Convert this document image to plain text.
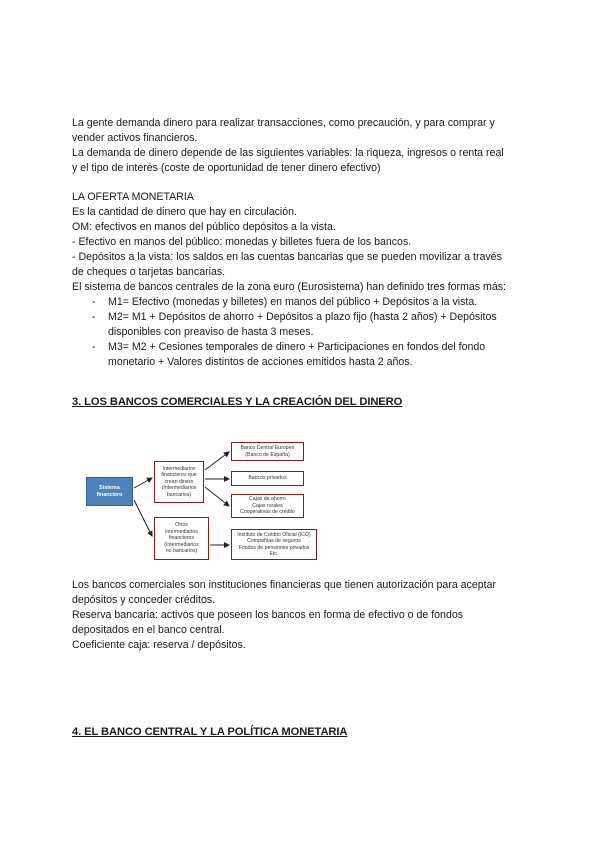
La gente demanda dinero para realizar transacciones, como precaución, y para comprar y
vender activos financieros.
La demanda de dinero depende de las siguientes variables: la riqueza, ingresos o renta real
y el tipo de interés (coste de oportunidad de tener dinero efectivo)
LA OFERTA MONETARIA
Es la cantidad de dinero que hay en circulación.
OM: efectivos en manos del público depósitos a la vista.
- Efectivo en manos del público: monedas y billetes fuera de los bancos.
- Depósitos a la vista: los saldos en las cuentas bancarias que se pueden movilizar a través
de cheques o tarjetas bancarias.
El sistema de bancos centrales de la zona euro (Eurosistema) han definido tres formas más:
- M1= Efectivo (monedas y billetes) en manos del público + Depósitos a la vista.
- M2= M1 + Depósitos de ahorro + Depósitos a plazo fijo (hasta 2 años) + Depósitos
disponibles con preaviso de hasta 3 meses.
- M3= M2 + Cesiones temporales de dinero + Participaciones en fondos del fondo
monetario + Valores distintos de acciones emitidos hasta 2 años.
3. LOS BANCOS COMERCIALES Y LA CREACIÓN DEL DINERO
Sistema
financiero
Intermediarios
financieros que
crean dinero
(Intermediarios
bancarios)
Otros
intermediarios
financieros
(Intermediarios
no bancarios)
Banco Central Europeo
(Banco de España)
Bancos privados
Cajas de ahorro
Cajas rurales
Cooperativas de crédito
Instituto de Crédito Oficial (ICO)
Compañías de seguros
Fondos de pensiones privados
Etc.
Los bancos comerciales son instituciones financieras que tienen autorización para aceptar
depósitos y conceder créditos.
Reserva bancaria: activos que poseen los bancos en forma de efectivo o de fondos
depositados en el banco central.
Coeficiente caja: reserva / depósitos.
4. EL BANCO CENTRAL Y LA POLÍTICA MONETARIA
